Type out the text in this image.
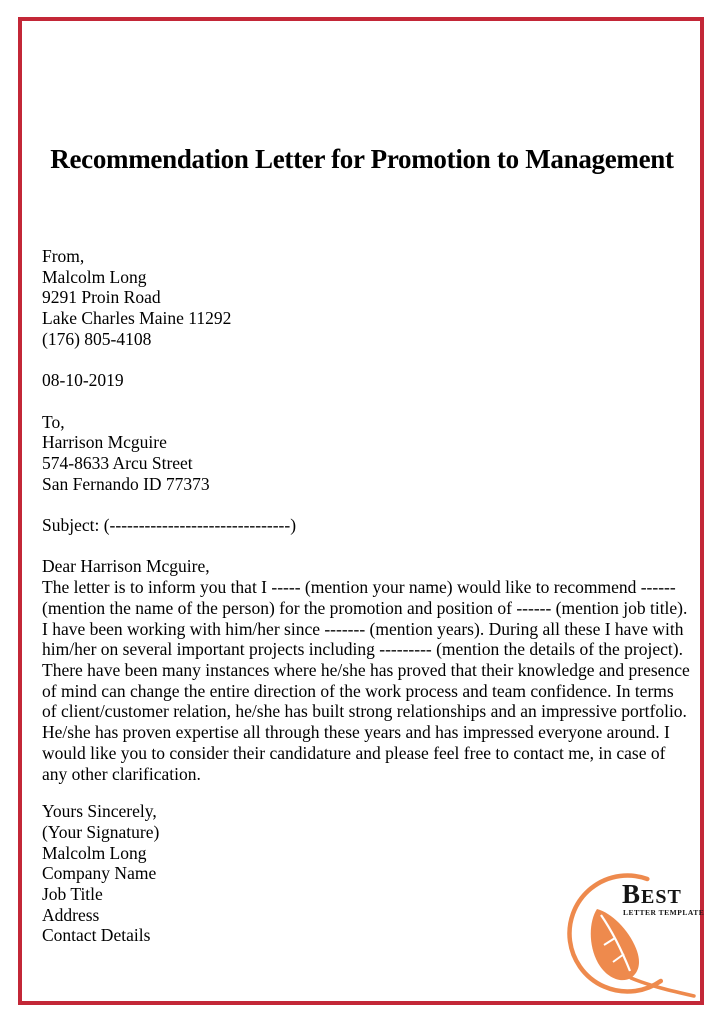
Recommendation Letter for Promotion to Management
From,
Malcolm Long
9291 Proin Road
Lake Charles Maine 11292
(176) 805-4108
08-10-2019
To,
Harrison Mcguire
574-8633 Arcu Street
San Fernando ID 77373
Subject: (-------------------------------)
Dear Harrison Mcguire,

The letter is to inform you that I ----- (mention your name) would like to recommend ------ (mention the name of the person) for the promotion and position of ------ (mention job title). I have been working with him/her since ------- (mention years). During all these I have with him/her on several important projects including --------- (mention the details of the project). There have been many instances where he/she has proved that their knowledge and presence of mind can change the entire direction of the work process and team confidence. In terms of client/customer relation, he/she has built strong relationships and an impressive portfolio. He/she has proven expertise all through these years and has impressed everyone around. I would like you to consider their candidature and please feel free to contact me, in case of any other clarification.

Yours Sincerely,
(Your Signature)
Malcolm Long
Company Name
Job Title
Address
Contact Details
BEST
LETTER TEMPLATE
